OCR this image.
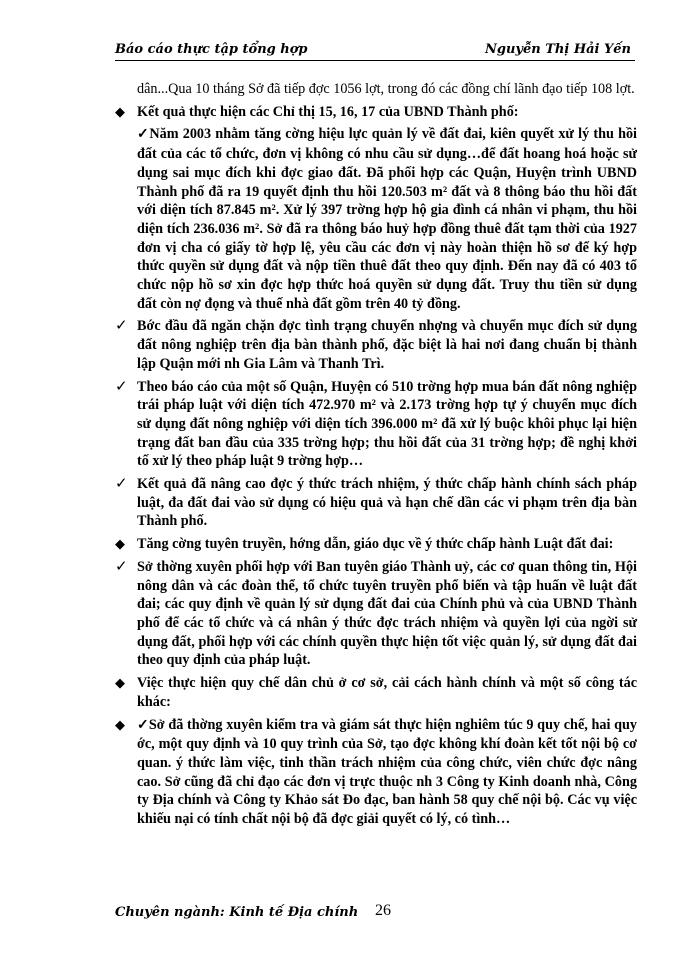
Báo cáo thực tập tổng hợp	Nguyễn Thị Hải Yến

dân...Qua 10 tháng Sở đã tiếp đợc 1056 lợt, trong đó các đồng chí lãnh đạo tiếp 108 lợt.

◆ Kết quả thực hiện các Chỉ thị 15, 16, 17 của UBND Thành phố:

✓Năm 2003 nhằm tăng cờng hiệu lực quản lý về đất đai, kiên quyết xử lý thu hồi đất của các tổ chức, đơn vị không có nhu cầu sử dụng…để đất hoang hoá hoặc sử dụng sai mục đích khi đợc giao đất. Đã phối hợp các Quận, Huyện trình UBND Thành phố đã ra 19 quyết định thu hồi 120.503 m² đất và 8 thông báo thu hồi đất với diện tích 87.845 m². Xử lý 397 trờng hợp hộ gia đình cá nhân vi phạm, thu hồi diện tích 236.036 m². Sở đã ra thông báo huỷ hợp đồng thuê đất tạm thời của 1927 đơn vị cha có giấy tờ hợp lệ, yêu cầu các đơn vị này hoàn thiện hồ sơ để ký hợp thức quyền sử dụng đất và nộp tiền thuê đất theo quy định. Đến nay đã có 403 tổ chức nộp hồ sơ xin đợc hợp thức hoá quyền sử dụng đất. Truy thu tiền sử dụng đất còn nợ đọng và thuế nhà đất gồm trên 40 tỷ đồng.

✓ Bớc đầu đã ngăn chặn đợc tình trạng chuyển nhợng và chuyển mục đích sử dụng đất nông nghiệp trên địa bàn thành phố, đặc biệt là hai nơi đang chuẩn bị thành lập Quận mới nh Gia Lâm và Thanh Trì.

✓ Theo báo cáo của một số Quận, Huyện có 510 trờng hợp mua bán đất nông nghiệp trái pháp luật với diện tích 472.970 m² và 2.173 trờng hợp tự ý chuyển mục đích sử dụng đất nông nghiệp với diện tích 396.000 m² đã xử lý buộc khôi phục lại hiện trạng đất ban đầu của 335 trờng hợp; thu hồi đất của 31 trờng hợp; đề nghị khởi tố xử lý theo pháp luật 9 trờng hợp…

✓ Kết quả đã nâng cao đợc ý thức trách nhiệm, ý thức chấp hành chính sách pháp luật, đa đất đai vào sử dụng có hiệu quả và hạn chế dần các vi phạm trên địa bàn Thành phố.

◆ Tăng cờng tuyên truyền, hớng dẫn, giáo dục về ý thức chấp hành Luật đất đai:

✓ Sở thờng xuyên phối hợp với Ban tuyên giáo Thành uỷ, các cơ quan thông tin, Hội nông dân và các đoàn thể, tổ chức tuyên truyền phổ biến và tập huấn về luật đất đai; các quy định về quản lý sử dụng đất đai của Chính phủ và của UBND Thành phố để các tổ chức và cá nhân ý thức đợc trách nhiệm và quyền lợi của ngời sử dụng đất, phối hợp với các chính quyền thực hiện tốt việc quản lý, sử dụng đất đai theo quy định của pháp luật.

◆ Việc thực hiện quy chế dân chủ ở cơ sở, cải cách hành chính và một số công tác khác:

◆ ✓Sở đã thờng xuyên kiểm tra và giám sát thực hiện nghiêm túc 9 quy chế, hai quy ớc, một quy định và 10 quy trình của Sở, tạo đợc không khí đoàn kết tốt nội bộ cơ quan. ý thức làm việc, tinh thần trách nhiệm của công chức, viên chức đợc nâng cao. Sở cũng đã chỉ đạo các đơn vị trực thuộc nh 3 Công ty Kinh doanh nhà, Công ty Địa chính và Công ty Khảo sát Đo đạc, ban hành 58 quy chế nội bộ. Các vụ việc khiếu nại có tính chất nội bộ đã đợc giải quyết có lý, có tình…

Chuyên ngành: Kinh tế Địa chính 26
